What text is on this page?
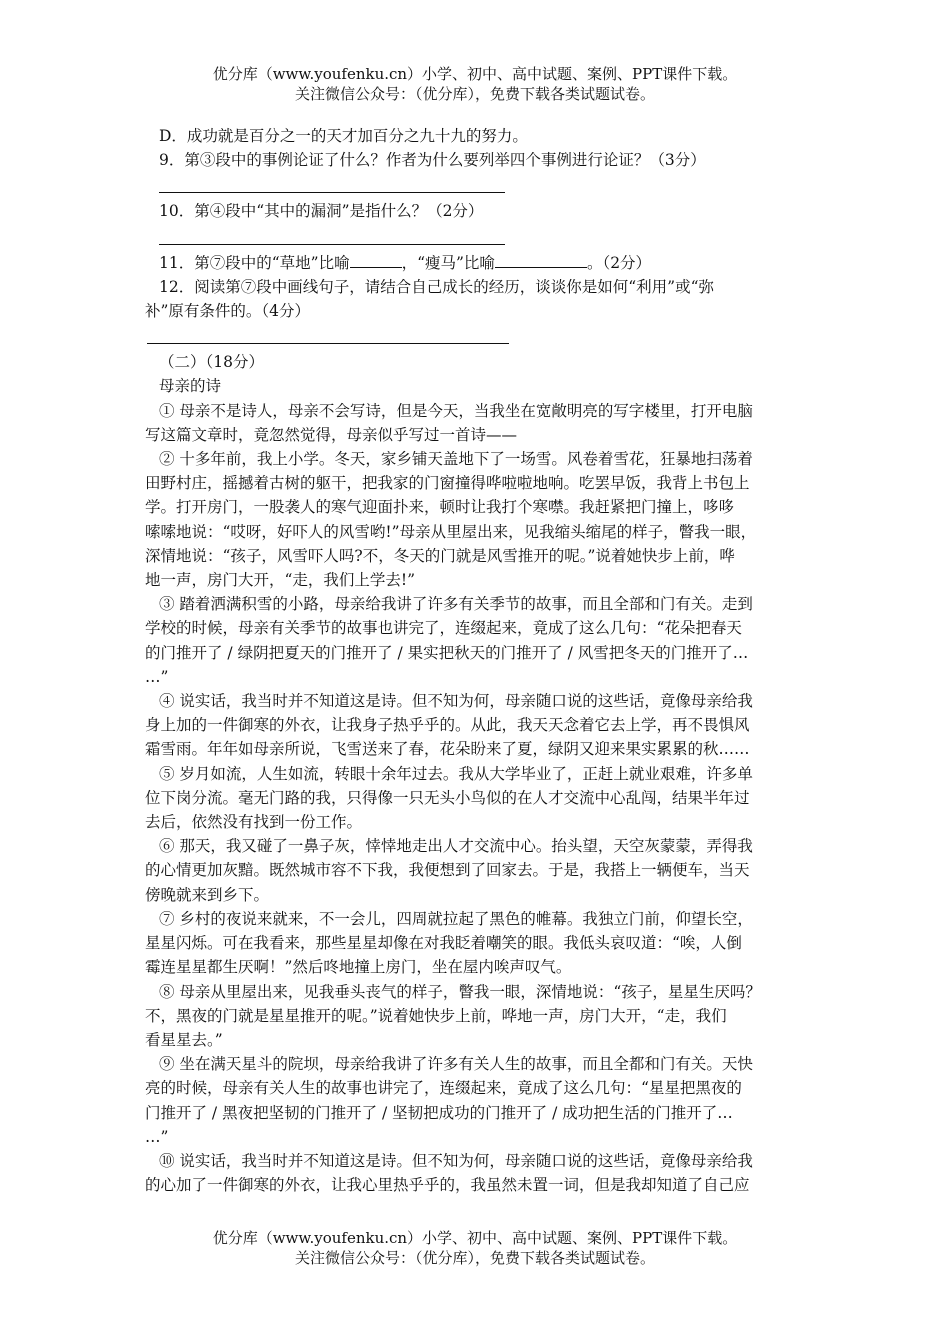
优分库（www.youfenku.cn）小学、初中、高中试题、案例、PPT课件下载。
关注微信公众号：（优分库），免费下载各类试题试卷。
D．成功就是百分之一的天才加百分之九十九的努力。
9．第③段中的事例论证了什么？作者为什么要列举四个事例进行论证？（3分）
10．第④段中“其中的漏洞”是指什么？（2分）
11．第⑦段中的“草地”比喻	，“瘦马”比喻	。（2分）
12．阅读第⑦段中画线句子，请结合自己成长的经历，谈谈你是如何“利用”或“弥
补”原有条件的。（4分）
（二）（18分）
母亲的诗
① 母亲不是诗人，母亲不会写诗，但是今天，当我坐在宽敞明亮的写字楼里，打开电脑
写这篇文章时，竟忽然觉得，母亲似乎写过一首诗——
② 十多年前，我上小学。冬天，家乡铺天盖地下了一场雪。风卷着雪花，狂暴地扫荡着
田野村庄，摇撼着古树的躯干，把我家的门窗撞得哗啦啦地响。吃罢早饭，我背上书包上
学。打开房门，一股袭人的寒气迎面扑来，顿时让我打个寒噤。我赶紧把门撞上，哆哆
嗦嗦地说：“哎呀，好吓人的风雪哟!”母亲从里屋出来，见我缩头缩尾的样子，瞥我一眼，
深情地说：“孩子，风雪吓人吗?不，冬天的门就是风雪推开的呢。”说着她快步上前，哗
地一声，房门大开，“走，我们上学去!”
③ 踏着洒满积雪的小路，母亲给我讲了许多有关季节的故事，而且全部和门有关。走到
学校的时候，母亲有关季节的故事也讲完了，连缀起来，竟成了这么几句：“花朵把春天
的门推开了 / 绿阴把夏天的门推开了 / 果实把秋天的门推开了 / 风雪把冬天的门推开了…
…”
④ 说实话，我当时并不知道这是诗。但不知为何，母亲随口说的这些话，竟像母亲给我
身上加的一件御寒的外衣，让我身子热乎乎的。从此，我天天念着它去上学，再不畏惧风
霜雪雨。年年如母亲所说，飞雪送来了春，花朵盼来了夏，绿阴又迎来果实累累的秋……
⑤ 岁月如流，人生如流，转眼十余年过去。我从大学毕业了，正赶上就业艰难，许多单
位下岗分流。毫无门路的我，只得像一只无头小鸟似的在人才交流中心乱闯，结果半年过
去后，依然没有找到一份工作。
⑥ 那天，我又碰了一鼻子灰，悻悻地走出人才交流中心。抬头望，天空灰蒙蒙，弄得我
的心情更加灰黯。既然城市容不下我，我便想到了回家去。于是，我搭上一辆便车，当天
傍晚就来到乡下。
⑦ 乡村的夜说来就来，不一会儿，四周就拉起了黑色的帷幕。我独立门前，仰望长空，
星星闪烁。可在我看来，那些星星却像在对我眨着嘲笑的眼。我低头哀叹道：“唉，人倒
霉连星星都生厌啊！”然后咚地撞上房门，坐在屋内唉声叹气。
⑧ 母亲从里屋出来，见我垂头丧气的样子，瞥我一眼，深情地说：“孩子，星星生厌吗？
不，黑夜的门就是星星推开的呢。”说着她快步上前，哗地一声，房门大开，“走，我们
看星星去。”
⑨ 坐在满天星斗的院坝，母亲给我讲了许多有关人生的故事，而且全都和门有关。天快
亮的时候，母亲有关人生的故事也讲完了，连缀起来，竟成了这么几句：“星星把黑夜的
门推开了 / 黑夜把坚韧的门推开了 / 坚韧把成功的门推开了 / 成功把生活的门推开了…
…”
⑩ 说实话，我当时并不知道这是诗。但不知为何，母亲随口说的这些话，竟像母亲给我
的心加了一件御寒的外衣，让我心里热乎乎的，我虽然未置一词，但是我却知道了自己应
优分库（www.youfenku.cn）小学、初中、高中试题、案例、PPT课件下载。
关注微信公众号：（优分库），免费下载各类试题试卷。
